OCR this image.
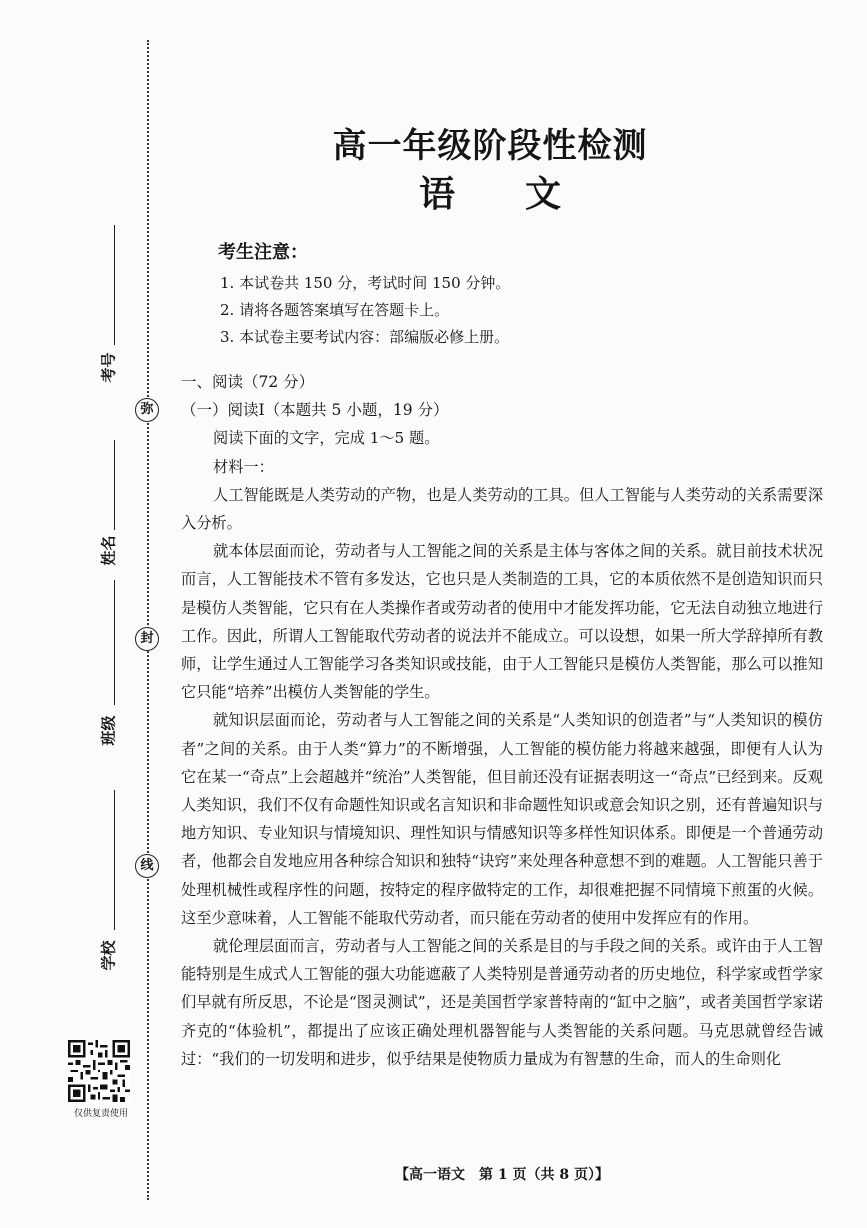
弥
封
线
考号
姓名
班级
学校
仅供复责使用
高一年级阶段性检测
语文
考生注意：
1. 本试卷共 150 分，考试时间 150 分钟。
2. 请将各题答案填写在答题卡上。
3. 本试卷主要考试内容：部编版必修上册。
一、阅读（72 分）
（一）阅读Ⅰ（本题共 5 小题，19 分）
阅读下面的文字，完成 1～5 题。
材料一：
人工智能既是人类劳动的产物，也是人类劳动的工具。但人工智能与人类劳动的关系需要深入分析。
就本体层面而论，劳动者与人工智能之间的关系是主体与客体之间的关系。就目前技术状况而言，人工智能技术不管有多发达，它也只是人类制造的工具，它的本质依然不是创造知识而只是模仿人类智能，它只有在人类操作者或劳动者的使用中才能发挥功能，它无法自动独立地进行工作。因此，所谓人工智能取代劳动者的说法并不能成立。可以设想，如果一所大学辞掉所有教师，让学生通过人工智能学习各类知识或技能，由于人工智能只是模仿人类智能，那么可以推知它只能“培养”出模仿人类智能的学生。
就知识层面而论，劳动者与人工智能之间的关系是“人类知识的创造者”与“人类知识的模仿者”之间的关系。由于人类“算力”的不断增强，人工智能的模仿能力将越来越强，即便有人认为它在某一“奇点”上会超越并“统治”人类智能，但目前还没有证据表明这一“奇点”已经到来。反观人类知识，我们不仅有命题性知识或名言知识和非命题性知识或意会知识之别，还有普遍知识与地方知识、专业知识与情境知识、理性知识与情感知识等多样性知识体系。即便是一个普通劳动者，他都会自发地应用各种综合知识和独特“诀窍”来处理各种意想不到的难题。人工智能只善于处理机械性或程序性的问题，按特定的程序做特定的工作，却很难把握不同情境下煎蛋的火候。这至少意味着，人工智能不能取代劳动者，而只能在劳动者的使用中发挥应有的作用。
就伦理层面而言，劳动者与人工智能之间的关系是目的与手段之间的关系。或许由于人工智能特别是生成式人工智能的强大功能遮蔽了人类特别是普通劳动者的历史地位，科学家或哲学家们早就有所反思，不论是“图灵测试”，还是美国哲学家普特南的“缸中之脑”，或者美国哲学家诺齐克的“体验机”，都提出了应该正确处理机器智能与人类智能的关系问题。马克思就曾经告诫过：“我们的一切发明和进步，似乎结果是使物质力量成为有智慧的生命，而人的生命则化
【高一语文　第 1 页（共 8 页）】
